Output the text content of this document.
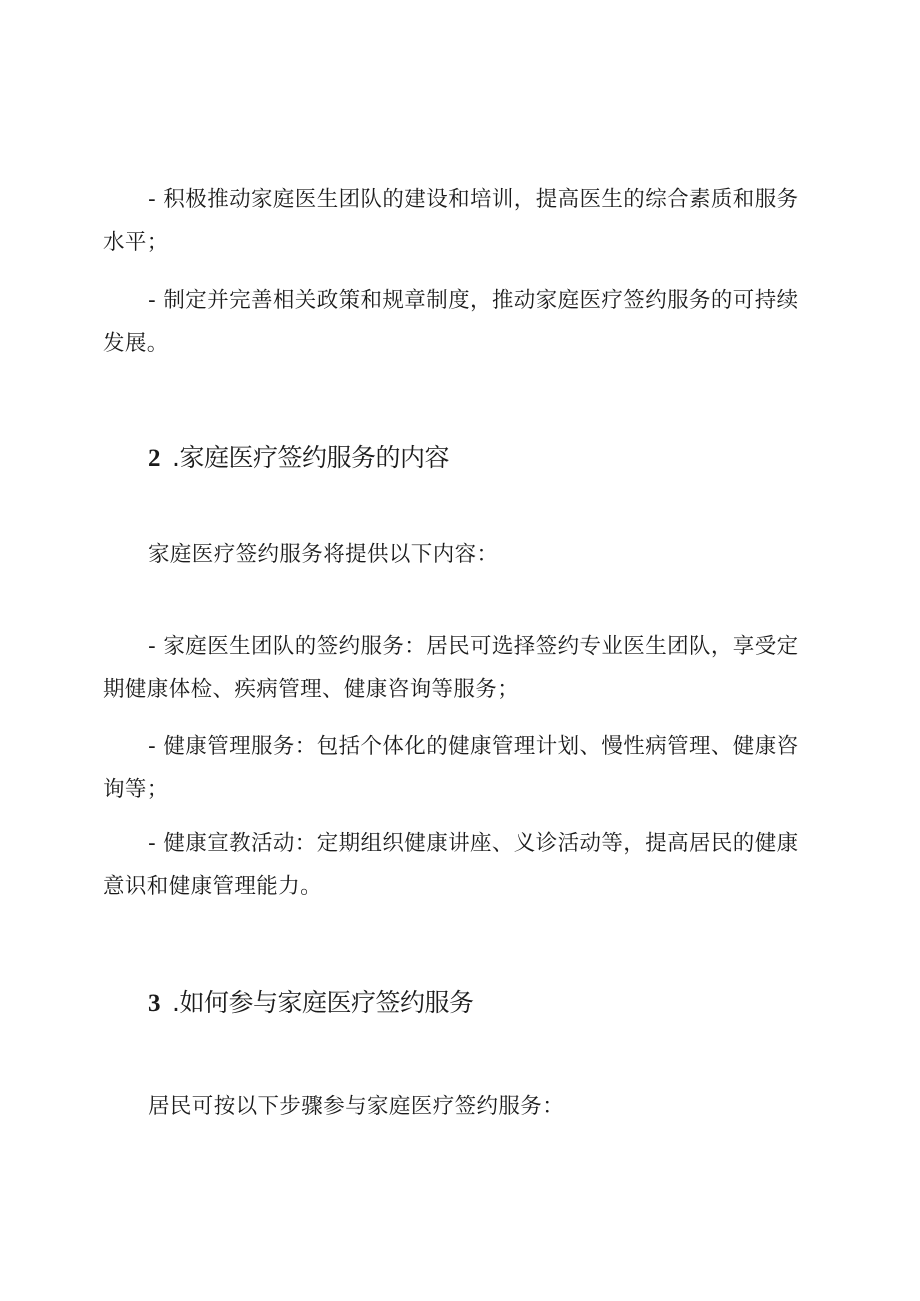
- 积极推动家庭医生团队的建设和培训，提高医生的综合素质和服务水平；

- 制定并完善相关政策和规章制度，推动家庭医疗签约服务的可持续发展。

2 .家庭医疗签约服务的内容

家庭医疗签约服务将提供以下内容：

- 家庭医生团队的签约服务：居民可选择签约专业医生团队，享受定期健康体检、疾病管理、健康咨询等服务；

- 健康管理服务：包括个体化的健康管理计划、慢性病管理、健康咨询等；

- 健康宣教活动：定期组织健康讲座、义诊活动等，提高居民的健康意识和健康管理能力。

3 .如何参与家庭医疗签约服务

居民可按以下步骤参与家庭医疗签约服务：
